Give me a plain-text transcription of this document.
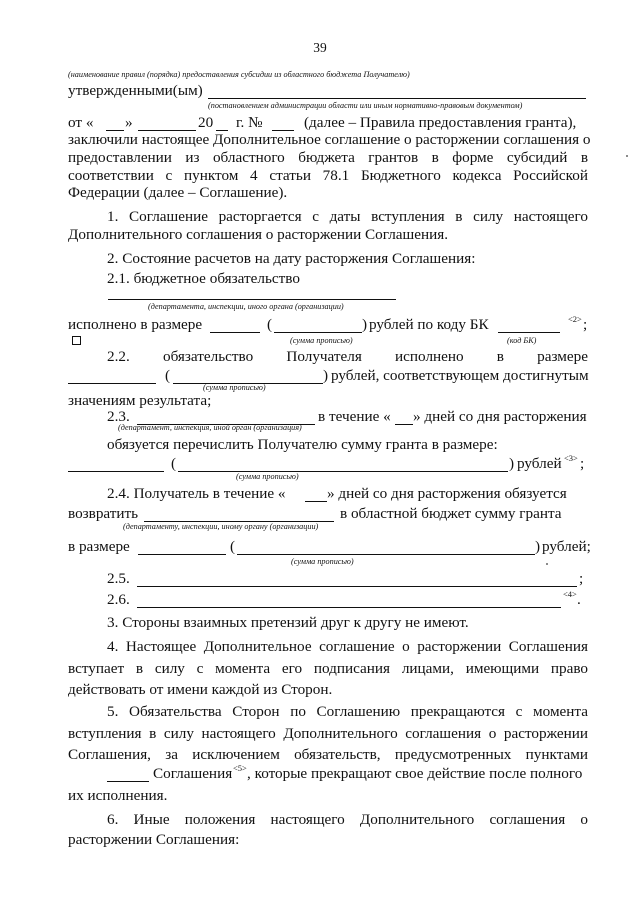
39
(наименование правил (порядка) предоставления субсидии из областного бюджета Получателю)
утвержденными(ым)
(постановлением администрации области или иным нормативно-правовым документом)
от « »	20 г. №	(далее – Правила предоставления гранта),
заключили настоящее Дополнительное соглашение о расторжении соглашения о
предоставлении из областного бюджета грантов в форме субсидий в
соответствии с пунктом 4 статьи 78.1 Бюджетного кодекса Российской
Федерации (далее – Соглашение).
1. Соглашение расторгается с даты вступления в силу настоящего
Дополнительного соглашения о расторжении Соглашения.
2. Состояние расчетов на дату расторжения Соглашения:
2.1. бюджетное обязательство
(департамента, инспекции, иного органа (организации)
исполнено в размере	(	) рублей по коду БК	<2> ;
(сумма прописью)	(код БК)
2.2. обязательство Получателя исполнено в размере
(	) рублей, соответствующем достигнутым
(сумма прописью)
значениям результата;
2.3.	в течение « » дней со дня расторжения
(департамент, инспекция, иной орган (организация)
обязуется перечислить Получателю сумму гранта в размере:
(	) рублей <3> ;
(сумма прописью)
2.4. Получатель в течение «	» дней со дня расторжения обязуется
возвратить	в областной бюджет сумму гранта
(департаменту, инспекции, иному органу (организации)
в размере	(	) рублей;
(сумма прописью)
2.5.	;
2.6.	<4> .
3. Стороны взаимных претензий друг к другу не имеют.
4. Настоящее Дополнительное соглашение о расторжении Соглашения
вступает в силу с момента его подписания лицами, имеющими право
действовать от имени каждой из Сторон.
5. Обязательства Сторон по Соглашению прекращаются с момента
вступления в силу настоящего Дополнительного соглашения о расторжении
Соглашения, за исключением обязательств, предусмотренных пунктами
Соглашения <5> , которые прекращают свое действие после полного
их исполнения.
6. Иные положения настоящего Дополнительного соглашения о
расторжении Соглашения:
